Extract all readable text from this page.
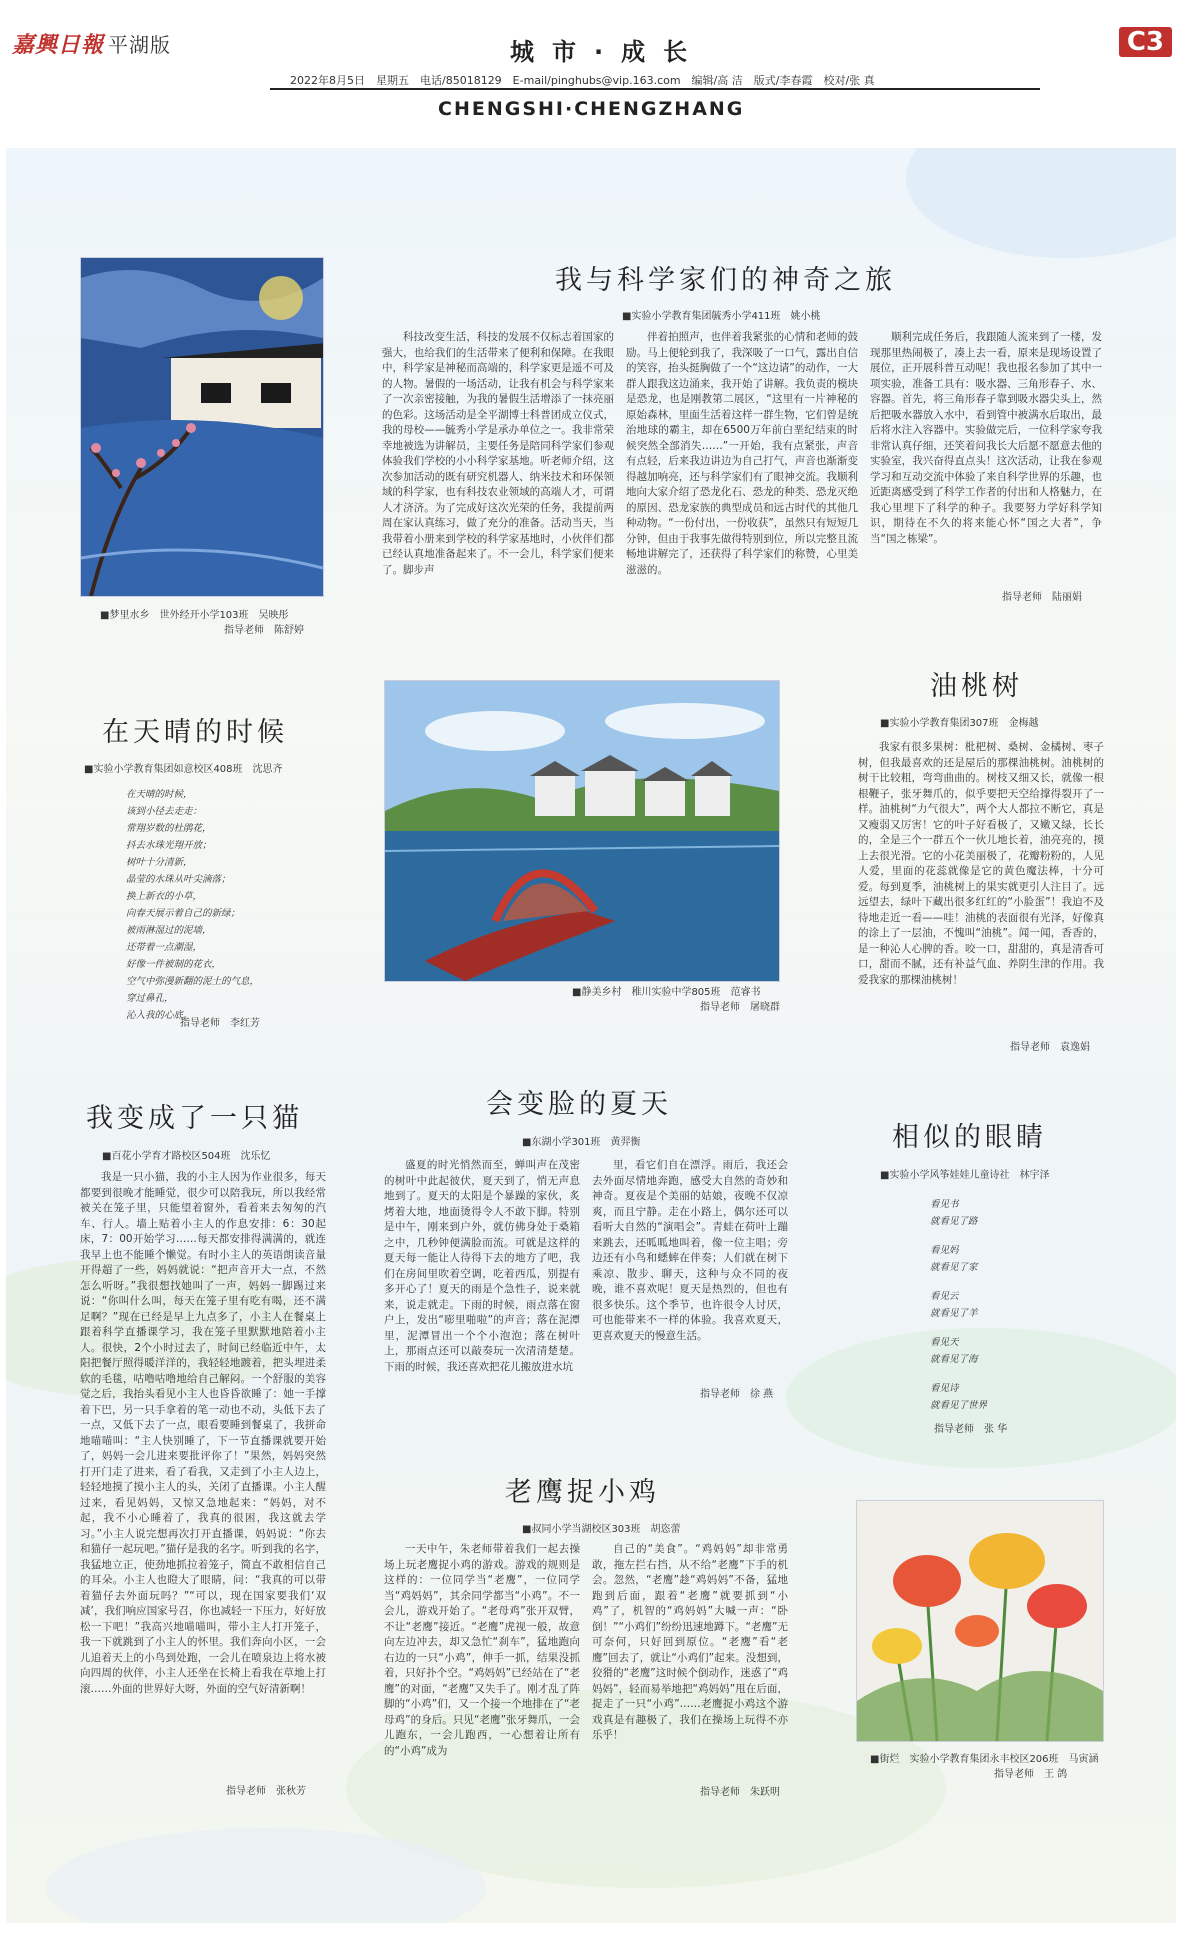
嘉興日報 平湖版	城市·成长	C3
2022年8月5日　星期五　电话/85018129　E-mail/pinghubs@vip.163.com　编辑/高 洁　版式/李春霞　校对/张 真
CHENGSHI·CHENGZHANG
■梦里水乡　世外经开小学103班　吴映彤
指导老师　陈舒婷
我与科学家们的神奇之旅
■实验小学教育集团毓秀小学411班　姚小桃

科技改变生活，科技的发展不仅标志着国家的强大，也给我们的生活带来了便利和保障。在我眼中，科学家是神秘而高端的，科学家更是遥不可及的人物。暑假的一场活动，让我有机会与科学家来了一次亲密接触，为我的暑假生活增添了一抹亮丽的色彩。这场活动是全平湖博士科普团成立仪式，我的母校——毓秀小学是承办单位之一。我非常荣幸地被选为讲解员，主要任务是陪同科学家们参观体验我们学校的小小科学家基地。听老师介绍，这次参加活动的既有研究机器人、纳米技术和环保领域的科学家，也有科技农业领域的高端人才，可谓人才济济。为了完成好这次光荣的任务，我提前两周在家认真练习，做了充分的准备。活动当天，当我带着小册来到学校的科学家基地时，小伙伴们都已经认真地准备起来了。不一会儿，科学家们便来了。脚步声

伴着拍照声，也伴着我紧张的心情和老师的鼓励。马上便轮到我了，我深吸了一口气，露出自信的笑容，抬头挺胸做了一个“这边请”的动作，一大群人跟我这边涌来，我开始了讲解。我负责的模块是恐龙，也是刚教第二展区，“这里有一片神秘的原始森林，里面生活着这样一群生物，它们曾是统治地球的霸主，却在6500万年前白垩纪结束的时候突然全部消失……”一开始，我有点紧张，声音有点轻，后来我边讲边为自己打气，声音也渐渐变得越加响亮，还与科学家们有了眼神交流。我顺利地向大家介绍了恐龙化石、恐龙的种类、恐龙灭绝的原因、恐龙家族的典型成员和远古时代的其他几种动物。“一份付出，一份收获”，虽然只有短短几分钟，但由于我事先做得特别到位，所以完整且流畅地讲解完了，还获得了科学家们的称赞，心里美滋滋的。

顺利完成任务后，我跟随人流来到了一楼，发现那里热闹极了，凑上去一看，原来是现场设置了展位，正开展科普互动呢！我也报名参加了其中一项实验，准备工具有：吸水器、三角形春子、水、容器。首先，将三角形春子靠到吸水器尖头上，然后把吸水器放入水中，看到管中被满水后取出，最后将水注入容器中。实验做完后，一位科学家夸我非常认真仔细，还笑着问我长大后愿不愿意去他的实验室，我兴奋得直点头！这次活动，让我在参观学习和互动交流中体验了来自科学世界的乐趣，也近距离感受到了科学工作者的付出和人格魅力，在我心里埋下了科学的种子。我要努力学好科学知识，期待在不久的将来能心怀“国之大者”，争当“国之栋梁”。

指导老师　陆丽娟
在天晴的时候
■实验小学教育集团如意校区408班　沈思齐
在天晴的时候，
该到小径去走走：
常翔岁数的杜鹃花，
抖去水珠光翔开放；
树叶十分清新，
晶莹的水珠从叶尖滴落；
换上新衣的小草，
向春天展示着自己的新绿；
被雨淋湿过的泥墙，
还带着一点潮湿，
好像一件被制的花衣，
空气中弥漫新翻的泥土的气息，
穿过鼻孔，
沁入我的心底。
指导老师　李红芳
■静美乡村　稚川实验中学805班　范睿书
指导老师　屠晓群
油桃树
■实验小学教育集团307班　金梅越

我家有很多果树：枇杷树、桑树、金橘树、枣子树，但我最喜欢的还是屋后的那棵油桃树。油桃树的树干比较粗，弯弯曲曲的。树枝又细又长，就像一根根鞭子，张牙舞爪的，似乎要把天空给撑得裂开了一样。油桃树“力气很大”，两个大人都拉不断它，真是又瘦弱又厉害！它的叶子好看极了，又嫩又绿，长长的，全是三个一群五个一伙儿地长着，油亮亮的，摸上去很光滑。它的小花美丽极了，花瓣粉粉的，人见人爱，里面的花蕊就像是它的黄色魔法棒，十分可爱。每到夏季，油桃树上的果实就更引人注目了。远远望去，绿叶下藏出很多红红的“小脸蛋”！我迫不及待地走近一看——哇！油桃的表面很有光泽，好像真的涂上了一层油，不愧叫“油桃”。闻一闻，香香的，是一种沁人心脾的香。咬一口，甜甜的，真是清香可口，甜而不腻，还有补益气血、养阴生津的作用。我爱我家的那棵油桃树！

指导老师　袁逸娟
我变成了一只猫
■百花小学育才路校区504班　沈乐忆

我是一只小猫，我的小主人因为作业很多，每天都要到很晚才能睡觉，很少可以陪我玩，所以我经常被关在笼子里，只能望着窗外，看着来去匆匆的汽车、行人。墙上贴着小主人的作息安排：6：30起床，7：00开始学习……每天都安排得满满的，就连我早上也不能睡个懒觉。有时小主人的英语朗读音量开得超了一些，妈妈就说：“把声音开大一点，不然怎么听呀。”我很想找她叫了一声，妈妈一脚踢过来说：“你叫什么叫，每天在笼子里有吃有喝，还不满足啊？”现在已经是早上九点多了，小主人在餐桌上跟着科学直播课学习，我在笼子里默默地陪着小主人。很快，2个小时过去了，时间已经临近中午，太阳把餐厅照得暖洋洋的，我轻轻地踱着，把头埋进柔软的毛毯，咕噜咕噜地给自己解闷。一个舒服的美容觉之后，我抬头看见小主人也昏昏欲睡了：她一手撑着下巴，另一只手拿着的笔一动也不动，头低下去了一点，又低下去了一点，眼看要睡到餐桌了，我拼命地喵喵叫：“主人快别睡了，下一节直播课就要开始了，妈妈一会儿进来要批评你了！”果然，妈妈突然打开门走了进来，看了看我，又走到了小主人边上，轻轻地摸了摸小主人的头，关闭了直播课。小主人醒过来，看见妈妈，又惊又急地起来：“妈妈，对不起，我不小心睡着了，我真的很困，我这就去学习。”小主人说完想再次打开直播课，妈妈说：“你去和猫仔一起玩吧。”猫仔是我的名字。听到我的名字，我猛地立正，使劲地抓拉着笼子，简直不敢相信自己的耳朵。小主人也瞪大了眼睛，问：“我真的可以带着猫仔去外面玩吗？”“可以，现在国家要我们‘双减’，我们响应国家号召，你也减轻一下压力，好好放松一下吧！”我高兴地喵喵叫，带小主人打开笼子，我一下就跳到了小主人的怀里。我们奔向小区，一会儿追着天上的小鸟到处跑，一会儿在喷泉边上将水被向四周的伙伴，小主人还坐在长椅上看我在草地上打滚……外面的世界好大呀，外面的空气好清新啊！

指导老师　张秋芳
会变脸的夏天
■东湖小学301班　黄羿衡

盛夏的时光悄然而至，蝉叫声在茂密的树叶中此起彼伏，夏天到了，悄无声息地到了。夏天的太阳是个暴躁的家伙，炙烤着大地，地面烫得令人不敢下脚。特别是中午，刚来到户外，就仿佛身处于桑箱之中，几秒钟便满脸而流。可就是这样的夏天每一能让人待得下去的地方了吧，我们在房间里吹着空调，吃着西瓜，别提有多开心了！夏天的雨是个急性子，说来就来，说走就走。下雨的时候，雨点落在窗户上，发出“嘭里啪啦”的声音；落在泥潭里，泥潭冒出一个个小泡泡；落在树叶上，那雨点还可以敲奏玩一次清清楚楚。下雨的时候，我还喜欢把花儿搬放进水坑

里，看它们自在漂浮。雨后，我还会去外面尽情地奔跑，感受大自然的奇妙和神奇。夏夜是个美丽的姑娘，夜晚不仅凉爽，而且宁静。走在小路上，偶尔还可以看听大自然的“演唱会”。青蛙在荷叶上蹦来跳去，还呱呱地叫着，像一位主唱；旁边还有小鸟和蟋蟀在伴奏；人们就在树下乘凉、散步、聊天，这种与众不同的夜晚，谁不喜欢呢！夏天是热烈的，但也有很多快乐。这个季节，也许很令人讨厌，可也能带来不一样的体验。我喜欢夏天，更喜欢夏天的慢意生活。

指导老师　徐 燕
相似的眼睛
■实验小学风筝娃娃儿童诗社　林宇泽
看见书
就看见了路
看见妈
就看见了家
看见云
就看见了羊
看见天
就看见了海
看见诗
就看见了世界
指导老师　张 华
老鹰捉小鸡
■叔同小学当湖校区303班　胡恣蕾

一天中午，朱老师带着我们一起去操场上玩老鹰捉小鸡的游戏。游戏的规则是这样的：一位同学当“老鹰”，一位同学当“鸡妈妈”，其余同学都当“小鸡”。不一会儿，游戏开始了。“老母鸡”张开双臂，不让“老鹰”接近。“老鹰”虎视一般，故意向左边冲去，却又急忙“刹车”，猛地跑向右边的一只“小鸡”，伸手一抓，结果没抓着，只好扑个空。“鸡妈妈”已经站在了“老鹰”的对面，“老鹰”又失手了。刚才乱了阵脚的“小鸡”们，又一个接一个地排在了“老母鸡”的身后。只见“老鹰”张牙舞爪，一会儿跑东，一会儿跑西，一心想着让所有的“小鸡”成为

自己的“美食”。“鸡妈妈”却非常勇敢，拖左拦右挡，从不给“老鹰”下手的机会。忽然，“老鹰”趁“鸡妈妈”不备，猛地跑到后面，跟着“老鹰”就要抓到“小鸡”了，机智的“鸡妈妈”大喊一声：“卧倒！”“小鸡们”纷纷迅速地蹲下。“老鹰”无可奈何，只好回到原位。“老鹰”看“老鹰”回去了，就让“小鸡们”起来。没想到，狡猾的“老鹰”这时候个倒动作，迷惑了“鸡妈妈”，轻而易举地把“鸡妈妈”甩在后面，捉走了一只“小鸡”……老鹰捉小鸡这个游戏真是有趣极了，我们在操场上玩得不亦乐乎！

指导老师　朱跃明
■街烂　实验小学教育集团永丰校区206班　马寅涵
指导老师　王 鸽
